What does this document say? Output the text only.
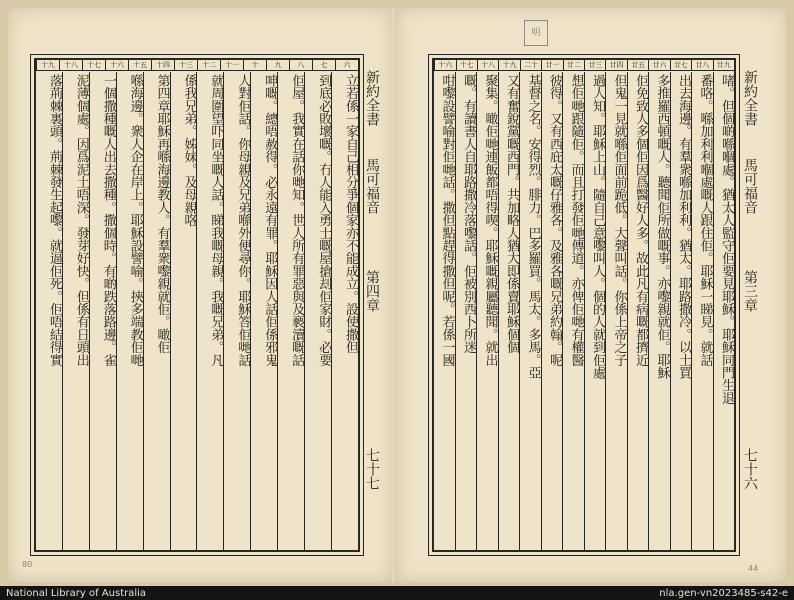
六
七
八
九
十
十一
十二
十三
十四
十五
十六
十七
十八
十九
立若係一家自己相分爭個家亦不能成立。設使撒但
到底必敗壞嘅。冇人能入勇士嘅屋搶刦佢家財。必要
佢屋。我實在話你哋知。世人所有罪惡與及褻瀆嘅話
呻嘅。總唔赦得。必永遠有罪。耶穌因人話佢係邪鬼
人對佢話。你母親及兄弟喺外便尋你。耶穌答佢哋話
就周圍望吓同坐嘅人話。睇我嘅母親。我嘅兄弟。凡
係我兄弟。姊妹。及母親咯
第四章耶穌再喺海邊教人。有羣衆嚟親就佢。噉佢
喺海邊。衆人企在岸上。耶穌設譬喻。挾多端教佢哋
一個撒種嘅人出去撒種。撒個時。有啲跌落路邊。雀
泥薄個處。因爲泥土唔深。發芽好快。但係有日頭出
落荊棘裏頭。荊棘發生起嚟。就逼佢死。佢唔結得實	新約全書
馬可福音
第四章
七十七
80
廿九
廿八
廿七
廿六
廿五
廿四
廿三
廿二
廿一
二十
十九
十八
十七
十六
啫。但個啲喺嗰處。猶太人監守佢要見耶穌。耶穌同門生退
番咯。喺加利利嗰處嘅人跟住佢。耶穌一睇見。就話
出去海邊。有羣衆喺加利利。猶太。耶路撒冷。以土買
多推羅西頓嘅人。聽聞佢所做嘅事。亦嚟親就佢。耶穌
佢免致人多個佢因爲醫好人多。故此凡有病嘅都擠近
但鬼一見就喺佢面前跪低。大聲叫話。你係上帝之子
過人知。耶穌上山。隨自己意嚟叫人。個的人就到佢處
想佢哋跟隨佢。而且打發佢哋傳道。亦俾佢哋有權醫
彼得。又有西庇太嘅仔雅各。及雅各嘅兄弟約翰。呢
基督之名。安得烈。腓力。巴多羅買。馬太。多馬。亞
又有奮銳黨嘅西門。共加略人猶大即係賣耶穌個個
聚集。噉佢哋連飯都唔得喫。耶穌嘅親屬聽聞。就出
嘅。有讀書人自耶路撒冷落嚟話。佢被別西卜所迷
咁嚟設譬喻對佢哋話。撒但點趕得撒但呢。若係一國	新約全書
馬可福音
第三章
七十六
44
明
National Library of Australia	nla.gen-vn2023485-s42-e
